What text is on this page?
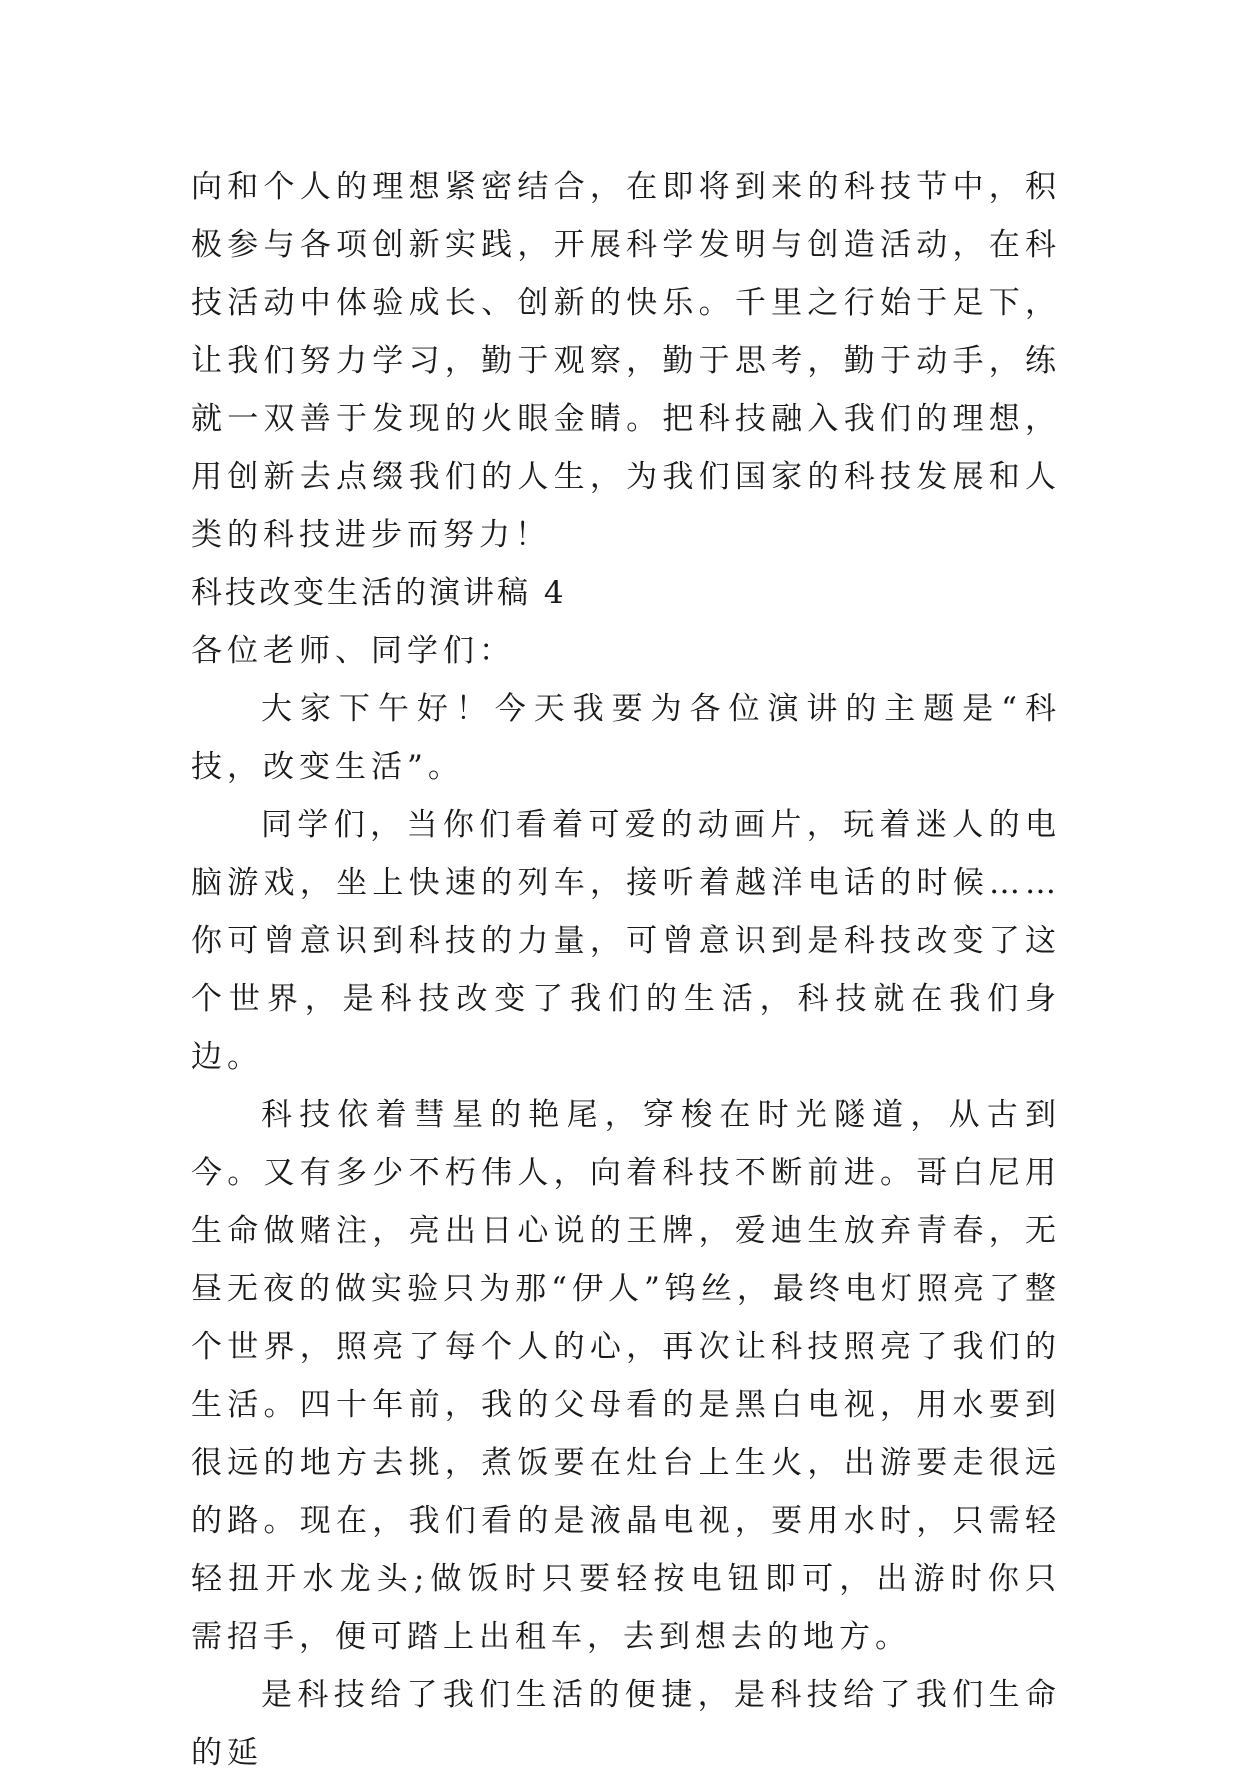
向和个人的理想紧密结合，在即将到来的科技节中，积极参与各项创新实践，开展科学发明与创造活动，在科技活动中体验成长、创新的快乐。千里之行始于足下，让我们努力学习，勤于观察，勤于思考，勤于动手，练就一双善于发现的火眼金睛。把科技融入我们的理想，用创新去点缀我们的人生，为我们国家的科技发展和人类的科技进步而努力！

科技改变生活的演讲稿 4

各位老师、同学们：

大家下午好！今天我要为各位演讲的主题是“科技，改变生活”。

同学们，当你们看着可爱的动画片，玩着迷人的电脑游戏，坐上快速的列车，接听着越洋电话的时候……你可曾意识到科技的力量，可曾意识到是科技改变了这个世界，是科技改变了我们的生活，科技就在我们身边。

科技依着彗星的艳尾，穿梭在时光隧道，从古到今。又有多少不朽伟人，向着科技不断前进。哥白尼用生命做赌注，亮出日心说的王牌，爱迪生放弃青春，无昼无夜的做实验只为那“伊人”钨丝，最终电灯照亮了整个世界，照亮了每个人的心，再次让科技照亮了我们的生活。四十年前，我的父母看的是黑白电视，用水要到很远的地方去挑，煮饭要在灶台上生火，出游要走很远的路。现在，我们看的是液晶电视，要用水时，只需轻轻扭开水龙头;做饭时只要轻按电钮即可，出游时你只需招手，便可踏上出租车，去到想去的地方。

是科技给了我们生活的便捷，是科技给了我们生命的延
